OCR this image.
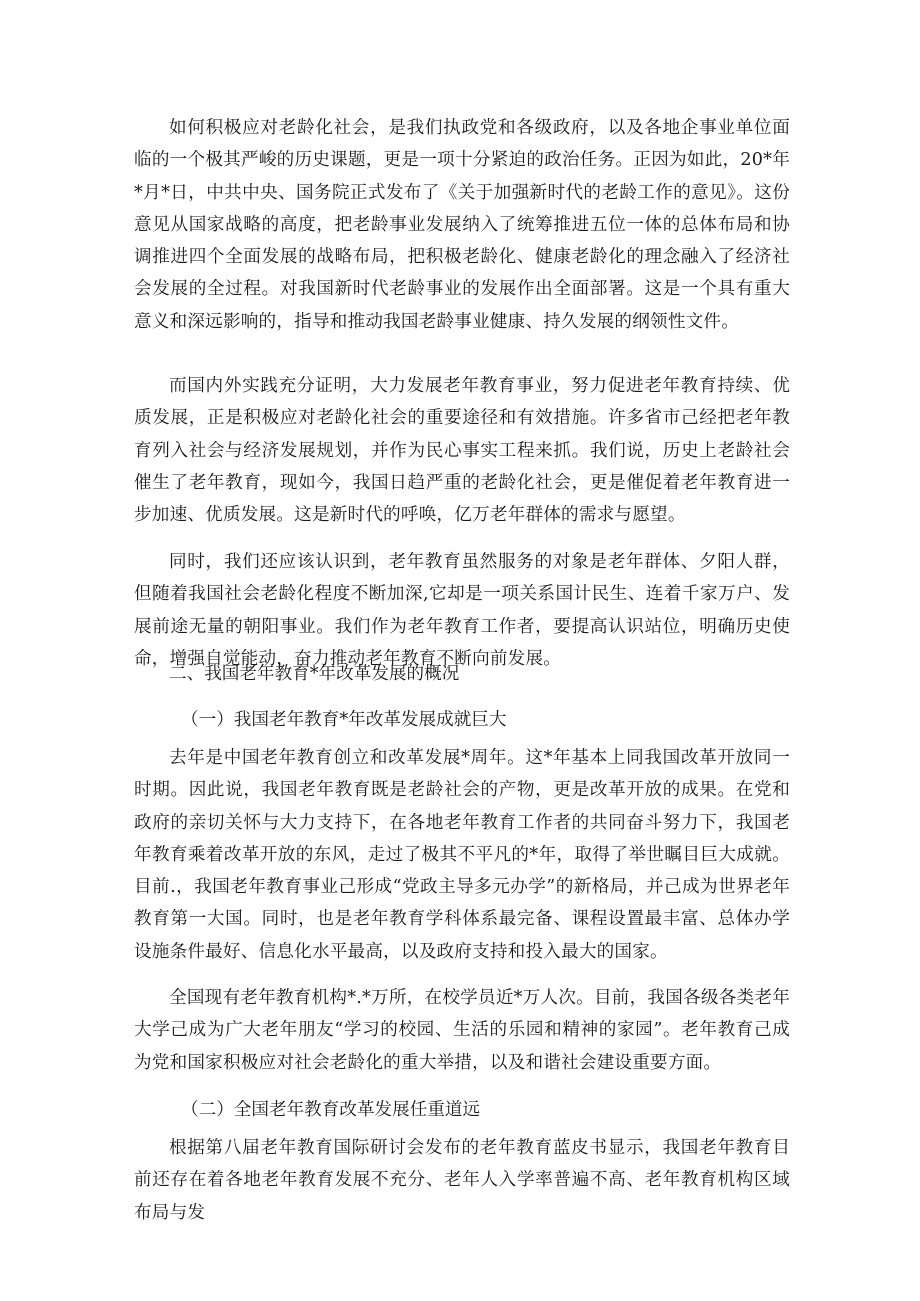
如何积极应对老龄化社会，是我们执政党和各级政府，以及各地企事业单位面临的一个极其严峻的历史课题，更是一项十分紧迫的政治任务。正因为如此，20*年*月*日，中共中央、国务院正式发布了《关于加强新时代的老龄工作的意见》。这份意见从国家战略的高度，把老龄事业发展纳入了统筹推进五位一体的总体布局和协调推进四个全面发展的战略布局，把积极老龄化、健康老龄化的理念融入了经济社会发展的全过程。对我国新时代老龄事业的发展作出全面部署。这是一个具有重大意义和深远影响的，指导和推动我国老龄事业健康、持久发展的纲领性文件。

而国内外实践充分证明，大力发展老年教育事业，努力促进老年教育持续、优质发展，正是积极应对老龄化社会的重要途径和有效措施。许多省市己经把老年教育列入社会与经济发展规划，并作为民心事实工程来抓。我们说，历史上老龄社会催生了老年教育，现如今，我国日趋严重的老龄化社会，更是催促着老年教育进一步加速、优质发展。这是新时代的呼唤，亿万老年群体的需求与愿望。

同时，我们还应该认识到，老年教育虽然服务的对象是老年群体、夕阳人群，但随着我国社会老龄化程度不断加深,它却是一项关系国计民生、连着千家万户、发展前途无量的朝阳事业。我们作为老年教育工作者，要提高认识站位，明确历史使命，增强自觉能动，奋力推动老年教育不断向前发展。

二、我国老年教育*年改革发展的概况
（一）我国老年教育*年改革发展成就巨大

去年是中国老年教育创立和改革发展*周年。这*年基本上同我国改革开放同一时期。因此说，我国老年教育既是老龄社会的产物，更是改革开放的成果。在党和政府的亲切关怀与大力支持下，在各地老年教育工作者的共同奋斗努力下，我国老年教育乘着改革开放的东风，走过了极其不平凡的*年，取得了举世瞩目巨大成就。目前.，我国老年教育事业己形成“党政主导多元办学”的新格局，并己成为世界老年教育第一大国。同时，也是老年教育学科体系最完备、课程设置最丰富、总体办学设施条件最好、信息化水平最高，以及政府支持和投入最大的国家。

全国现有老年教育机构*.*万所，在校学员近*万人次。目前，我国各级各类老年大学己成为广大老年朋友“学习的校园、生活的乐园和精神的家园”。老年教育己成为党和国家积极应对社会老龄化的重大举措，以及和谐社会建设重要方面。

（二）全国老年教育改革发展任重道远

根据第八届老年教育国际研讨会发布的老年教育蓝皮书显示，我国老年教育目前还存在着各地老年教育发展不充分、老年人入学率普遍不高、老年教育机构区域布局与发
